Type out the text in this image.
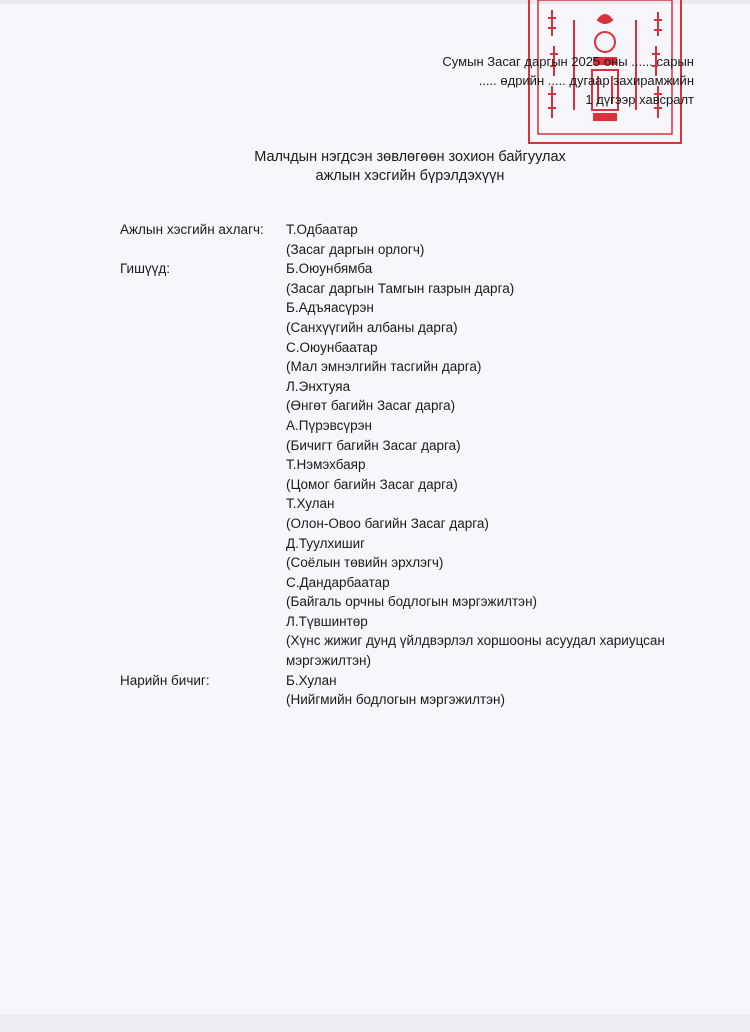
Сумын Засаг даргын 2025 оны ...... сарын
..... өдрийн ..... дугаар захирамжийн
1 дүгээр хавсралт
Малчдын нэгдсэн зөвлөгөөн зохион байгуулах
ажлын хэсгийн бүрэлдэхүүн
Ажлын хэсгийн ахлагч:	Т.Одбаатар
(Засаг даргын орлогч)
Гишүүд:	Б.Оюунбямба
(Засаг даргын Тамгын газрын дарга)
Б.Адъяасүрэн
(Санхүүгийн албаны дарга)
С.Оюунбаатар
(Мал эмнэлгийн тасгийн дарга)
Л.Энхтуяа
(Өнгөт багийн Засаг дарга)
А.Пүрэвсүрэн
(Бичигт багийн Засаг дарга)
Т.Нэмэхбаяр
(Цомог багийн Засаг дарга)
Т.Хулан
(Олон-Овоо багийн Засаг дарга)
Д.Туулхишиг
(Соёлын төвийн эрхлэгч)
С.Дандарбаатар
(Байгаль орчны бодлогын мэргэжилтэн)
Л.Түвшинтөр
(Хүнс жижиг дунд үйлдвэрлэл хоршооны асуудал хариуцсан мэргэжилтэн)
Нарийн бичиг:	Б.Хулан
(Нийгмийн бодлогын мэргэжилтэн)
